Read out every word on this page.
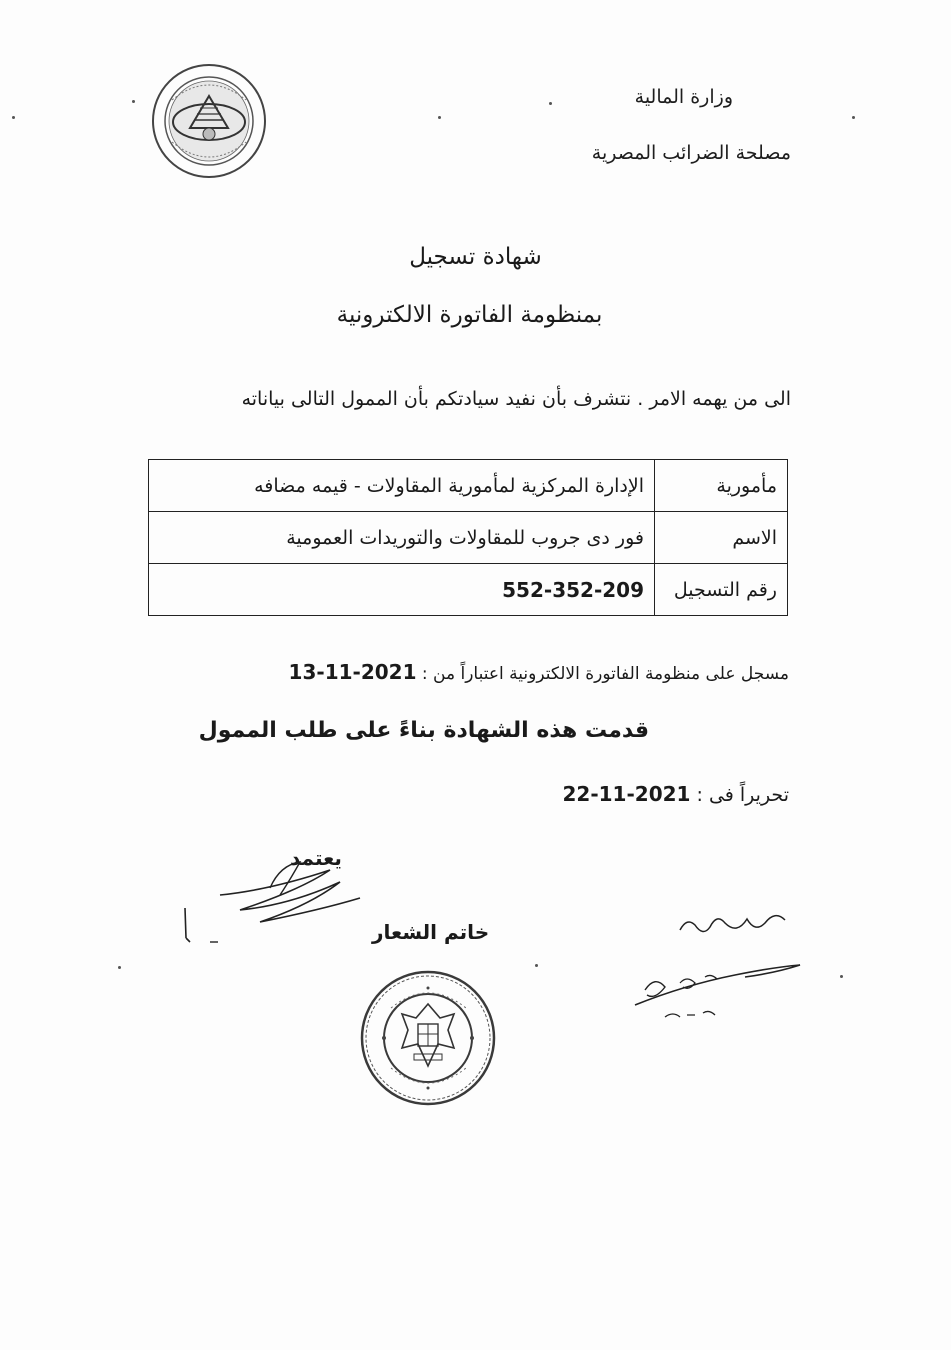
وزارة المالية
مصلحة الضرائب المصرية
شهادة تسجيل
بمنظومة الفاتورة الالكترونية
الى من يهمه الامر . نتشرف بأن نفيد سيادتكم بأن الممول التالى بياناته
مأمورية	الإدارة المركزية لمأمورية المقاولات - قيمه مضافه
الاسم	فور دى جروب للمقاولات والتوريدات العمومية
رقم التسجيل	552-352-209
مسجل على منظومة الفاتورة الالكترونية اعتباراً من : 2021-11-13
قدمت هذه الشهادة بناءً على طلب الممول
تحريراً فى : 2021-11-22
يعتمد
خاتم الشعار
